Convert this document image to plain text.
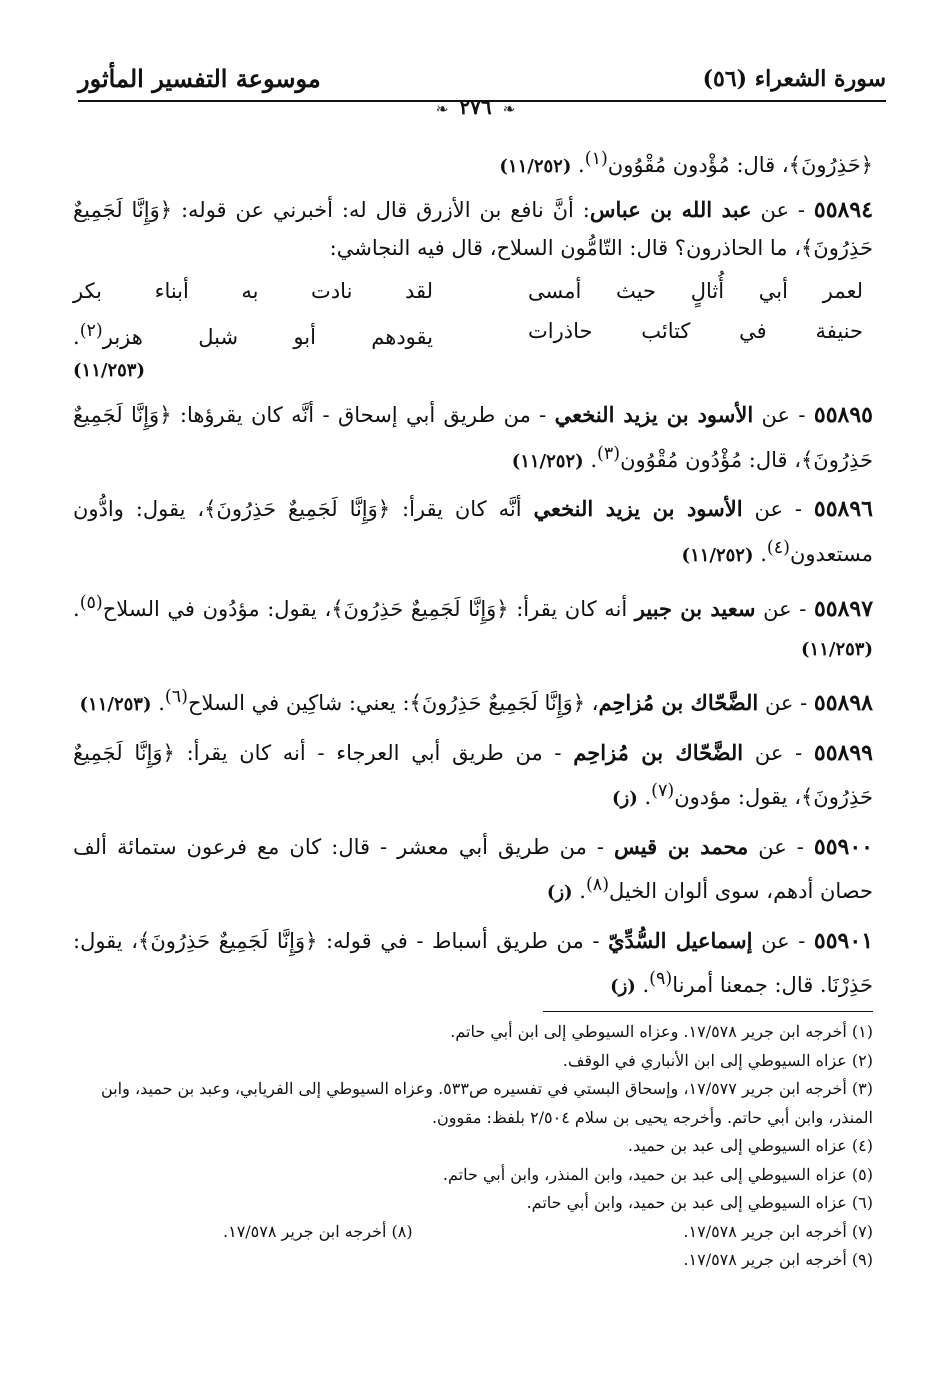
سورة الشعراء (٥٦)
موسوعة التفسير المأثور
❧ ٢٧٦ ❧

﴿حَذِرُونَ﴾، قال: مُؤْدون مُقْوُون$^{(١)}$. (١١/٢٥٢)

٥٥٨٩٤ - عن عبد الله بن عباس: أنَّ نافع بن الأزرق قال له: أخبرني عن قوله: ﴿وَإِنَّا لَجَمِيعٌ حَذِرُونَ﴾، ما الحاذرون؟ قال: التّامُّون السلاح، قال فيه النجاشي:

لعمر أبي أُثالٍ حيث أمسى
لقد نادت به أبناء بكر
حنيفة في كتائب حاذرات
يقودهم أبو شبل هزبر$^{(٢)}$.
(١١/٢٥٣)

٥٥٨٩٥ - عن الأسود بن يزيد النخعي - من طريق أبي إسحاق - أنَّه كان يقرؤها: ﴿وَإِنَّا لَجَمِيعٌ حَذِرُونَ﴾، قال: مُؤْدُون مُقْوُون$^{(٣)}$. (١١/٢٥٢)

٥٥٨٩٦ - عن الأسود بن يزيد النخعي أنَّه كان يقرأ: ﴿وَإِنَّا لَجَمِيعٌ حَذِرُونَ﴾، يقول: وادُّون مستعدون$^{(٤)}$. (١١/٢٥٢)

٥٥٨٩٧ - عن سعيد بن جبير أنه كان يقرأ: ﴿وَإِنَّا لَجَمِيعٌ حَذِرُونَ﴾، يقول: مؤدُون في السلاح$^{(٥)}$. (١١/٢٥٣)

٥٥٨٩٨ - عن الضَّحّاك بن مُزاحِم، ﴿وَإِنَّا لَجَمِيعٌ حَذِرُونَ﴾: يعني: شاكِين في السلاح$^{(٦)}$. (١١/٢٥٣)

٥٥٨٩٩ - عن الضَّحّاك بن مُزاحِم - من طريق أبي العرجاء - أنه كان يقرأ: ﴿وَإِنَّا لَجَمِيعٌ حَذِرُونَ﴾، يقول: مؤدون$^{(٧)}$. (ز)

٥٥٩٠٠ - عن محمد بن قيس - من طريق أبي معشر - قال: كان مع فرعون ستمائة ألف حصان أدهم، سوى ألوان الخيل$^{(٨)}$. (ز)

٥٥٩٠١ - عن إسماعيل السُّدِّيّ - من طريق أسباط - في قوله: ﴿وَإِنَّا لَجَمِيعٌ حَذِرُونَ﴾، يقول: حَذِرْنَا. قال: جمعنا أمرنا$^{(٩)}$. (ز)

(١) أخرجه ابن جرير ١٧/٥٧٨. وعزاه السيوطي إلى ابن أبي حاتم.

(٢) عزاه السيوطي إلى ابن الأنباري في الوقف.

(٣) أخرجه ابن جرير ١٧/٥٧٧، وإسحاق البستي في تفسيره ص٥٣٣. وعزاه السيوطي إلى الفريابي، وعبد بن حميد، وابن المنذر، وابن أبي حاتم. وأخرجه يحيى بن سلام ٢/٥٠٤ بلفظ: مقوون.

(٤) عزاه السيوطي إلى عبد بن حميد.

(٥) عزاه السيوطي إلى عبد بن حميد، وابن المنذر، وابن أبي حاتم.

(٦) عزاه السيوطي إلى عبد بن حميد، وابن أبي حاتم.

(٧) أخرجه ابن جرير ١٧/٥٧٨.
(٨) أخرجه ابن جرير ١٧/٥٧٨.

(٩) أخرجه ابن جرير ١٧/٥٧٨.
